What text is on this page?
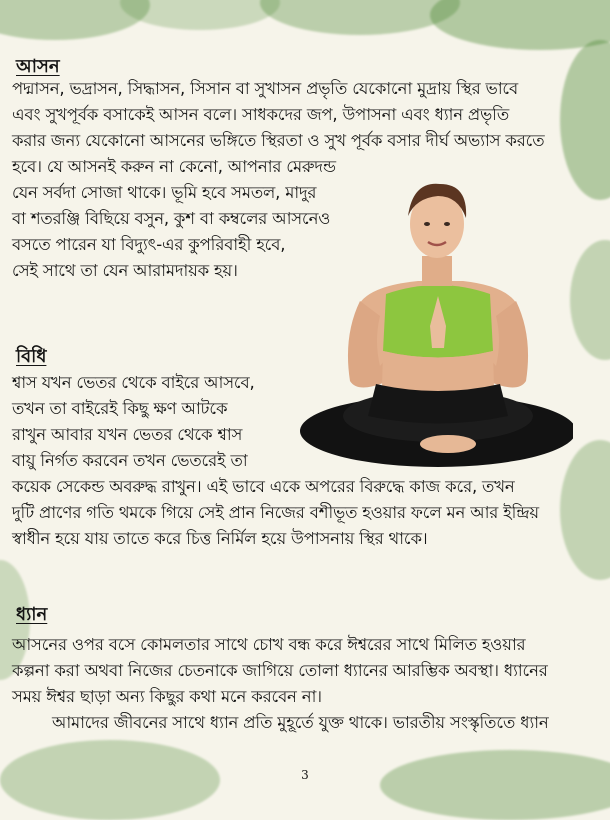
আসন
পদ্মাসন, ভদ্রাসন, সিদ্ধাসন, সিসান বা সুখাসন প্রভৃতি যেকোনো মুদ্রায় স্থির ভাবে
এবং সুখপূর্বক বসাকেই আসন বলে। সাধকদের জপ, উপাসনা এবং ধ্যান প্রভৃতি
করার জন্য যেকোনো আসনের ভঙ্গিতে স্থিরতা ও সুখ পূর্বক বসার দীর্ঘ অভ্যাস করতে
হবে। যে আসনই করুন না কেনো, আপনার মেরুদন্ড
যেন সর্বদা সোজা থাকে। ভূমি হবে সমতল, মাদুর
বা শতরঞ্জি বিছিয়ে বসুন, কুশ বা কম্বলের আসনেও
বসতে পারেন যা বিদ্যুৎ-এর কুপরিবাহী হবে,
সেই সাথে তা যেন আরামদায়ক হয়।
বিধি
শ্বাস যখন ভেতর থেকে বাইরে আসবে,
তখন তা বাইরেই কিছু ক্ষণ আটকে
রাখুন আবার যখন ভেতর থেকে শ্বাস
বায়ু নির্গত করবেন তখন ভেতরেই তা
কয়েক সেকেন্ড অবরুদ্ধ রাখুন। এই ভাবে একে অপরের বিরুদ্ধে কাজ করে, তখন
দুটি প্রাণের গতি থমকে গিয়ে সেই প্রান নিজের বশীভূত হওয়ার ফলে মন আর ইন্দ্রিয়
স্বাধীন হয়ে যায় তাতে করে চিত্ত নির্মিল হয়ে উপাসনায় স্থির থাকে।
ধ্যান
আসনের ওপর বসে কোমলতার সাথে চোখ বন্ধ করে ঈশ্বরের সাথে মিলিত হওয়ার
কল্পনা করা অথবা নিজের চেতনাকে জাগিয়ে তোলা ধ্যানের আরম্ভিক অবস্থা। ধ্যানের
সময় ঈশ্বর ছাড়া অন্য কিছুর কথা মনে করবেন না।
আমাদের জীবনের সাথে ধ্যান প্রতি মুহূর্তে যুক্ত থাকে। ভারতীয় সংস্কৃতিতে ধ্যান
3
